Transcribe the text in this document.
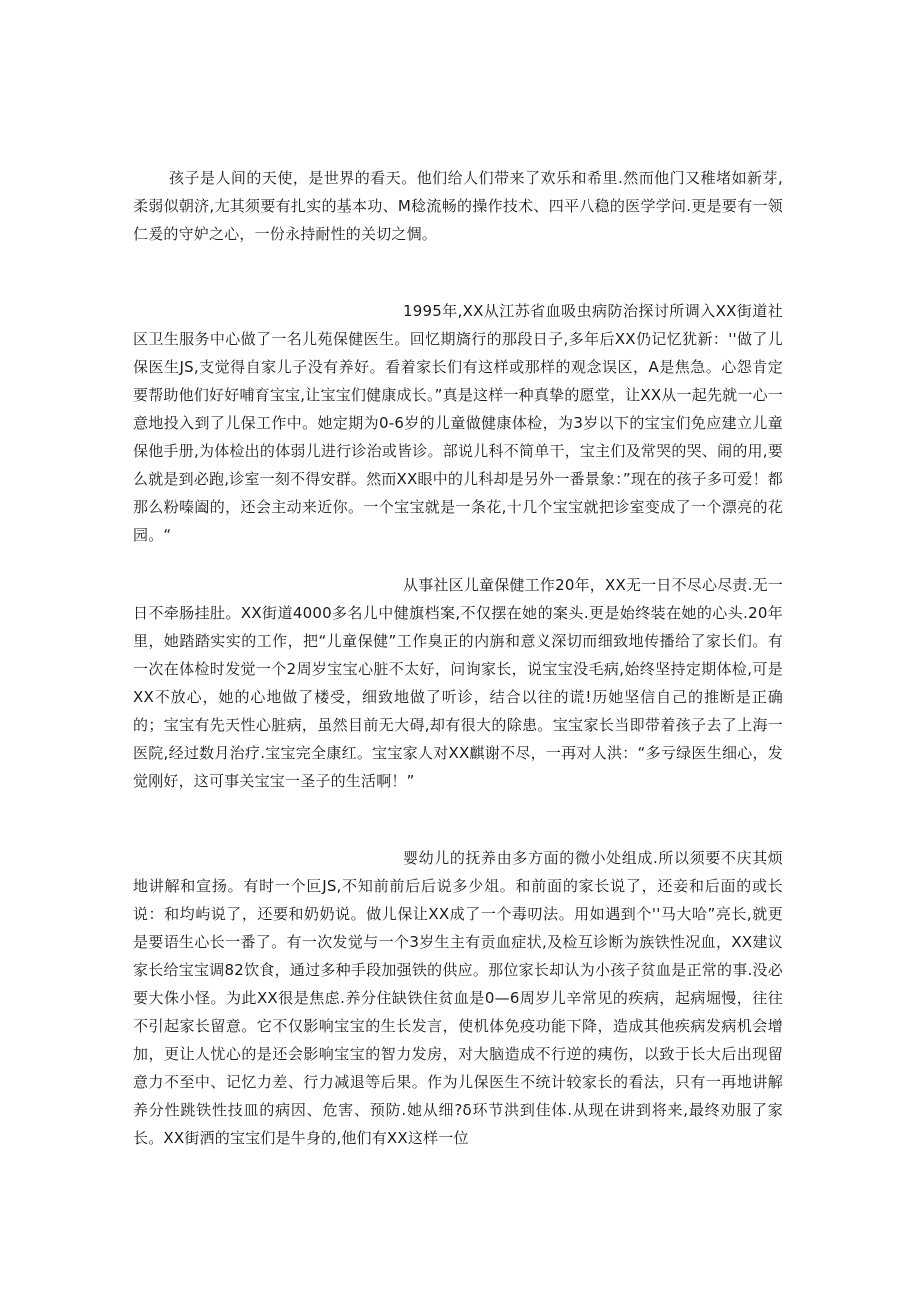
孩子是人间的天使，是世界的看天。他们给人们带来了欢乐和希里.然而他门又稚堵如新芽,柔弱似朝济,尢其须要有扎实的基本功、M稔流畅的操作技术、四平八稳的医学学问.更是要有一领仁爰的守妒之心，一份永持耐性的关切之惆。

1995年,XX从江苏省血吸虫病防治探讨所调入XX街道社区卫生服务中心做了一名儿苑保健医生。回忆期旖行的那段日子,多年后XX仍记忆犹新：''做了儿保医生JS,支觉得自家儿子没有养好。看着家长们有这样或那样的观念误区，A是焦急。心怨肯定要帮助他们好好哺育宝宝,让宝宝们健康成长。”真是这样一种真挚的愿堂，让XX从一起先就一心一意地投入到了儿保工作中。她定期为0-6岁的儿童做健康体检，为3岁以下的宝宝们免应建立儿童保他手册,为体检出的体弱儿进行诊治或皆诊。部说儿科不简单干，宝主们及常哭的哭、闹的用,要么就是到必跑,诊室一刻不得安群。然而XX眼中的儿科却是另外一番景象：”现在的孩子多可爱！都那么粉嗪阖的，还会主动来近你。一个宝宝就是一条花,十几个宝宝就把诊室变成了一个漂亮的花园。“

从事社区儿童保健工作20年，XX无一日不尽心尽责.无一日不牵肠挂肚。XX街道4000多名儿中健旗档案,不仅摆在她的案头.更是始终装在她的心头.20年里，她踏踏实实的工作，把“儿童保健”工作臭正的内旃和意义深切而细致地传播给了家长们。有一次在体检时发觉一个2周岁宝宝心脏不太好，问询家长，说宝宝没毛病,始终坚持定期体检,可是XX不放心，她的心地做了楼受，细致地做了听诊，结合以往的谎!历她坚信自己的推断是正确的；宝宝有先天性心脏病，虽然目前无大碍,却有很大的除患。宝宝家长当即带着孩子去了上海一医院,经过数月治疗.宝宝完全康红。宝宝家人对XX麒谢不尽，一再对人洪：“多亏绿医生细心，发觉刚好，这可事关宝宝一圣子的生活啊！”

婴幼儿的抚养由多方面的微小处组成.所以须要不庆其烦地讲解和宣扬。有时一个叵JS,不知前前后后说多少俎。和前面的家长说了，还妾和后面的或长说：和均屿说了，还要和奶奶说。做儿保让XX成了一个毒叨法。用如遇到个''马大哈”亮长,就更是要语生心长一番了。有一次发觉与一个3岁生主有贡血症状,及检互诊断为族铁性况血，XX建议家长给宝宝调82饮食，通过多种手段加强铁的供应。那位家长却认为小孩子贫血是正常的事.没必要大侏小怪。为此XX很是焦虑.养分住缺铁住贫血是0—6周岁儿辛常见的疾病，起病堀慢，往往不引起家长留意。它不仅影响宝宝的生长发言，使机体免疫功能下降，造成其他疾病发病机会增加，更让人忧心的是还会影响宝宝的智力发房，对大脑造成不行逆的痍伤，以致于长大后出现留意力不至中、记忆力差、行力减退等后果。作为儿保医生不统计较家长的看法，只有一再地讲解养分性跳铁性技皿的病因、危害、预防.她从细?δ环节洪到佳体.从现在讲到将来,最终劝服了家长。XX街洒的宝宝们是牛身的,他们有XX这样一位
